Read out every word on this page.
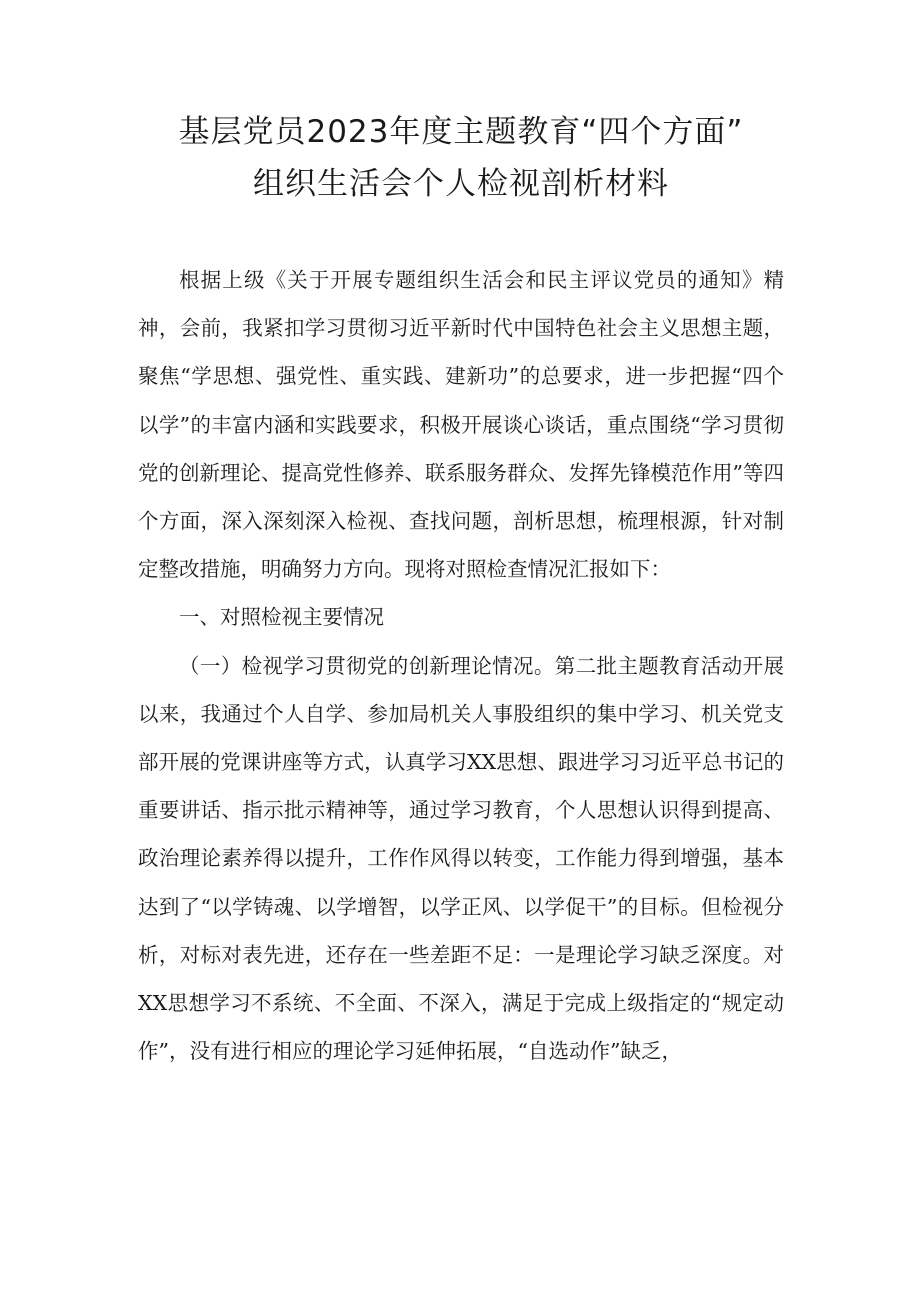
基层党员2023年度主题教育“四个方面”
组织生活会个人检视剖析材料

根据上级《关于开展专题组织生活会和民主评议党员的通知》精神，会前，我紧扣学习贯彻习近平新时代中国特色社会主义思想主题，聚焦“学思想、强党性、重实践、建新功”的总要求，进一步把握“四个以学”的丰富内涵和实践要求，积极开展谈心谈话，重点围绕“学习贯彻党的创新理论、提高党性修养、联系服务群众、发挥先锋模范作用”等四个方面，深入深刻深入检视、查找问题，剖析思想，梳理根源，针对制定整改措施，明确努力方向。现将对照检查情况汇报如下：

一、对照检视主要情况

（一）检视学习贯彻党的创新理论情况。第二批主题教育活动开展以来，我通过个人自学、参加局机关人事股组织的集中学习、机关党支部开展的党课讲座等方式，认真学习XX思想、跟进学习习近平总书记的重要讲话、指示批示精神等，通过学习教育，个人思想认识得到提高、政治理论素养得以提升，工作作风得以转变，工作能力得到增强，基本达到了“以学铸魂、以学增智，以学正风、以学促干”的目标。但检视分析，对标对表先进，还存在一些差距不足：一是理论学习缺乏深度。对XX思想学习不系统、不全面、不深入，满足于完成上级指定的“规定动作”，没有进行相应的理论学习延伸拓展，“自选动作”缺乏，
